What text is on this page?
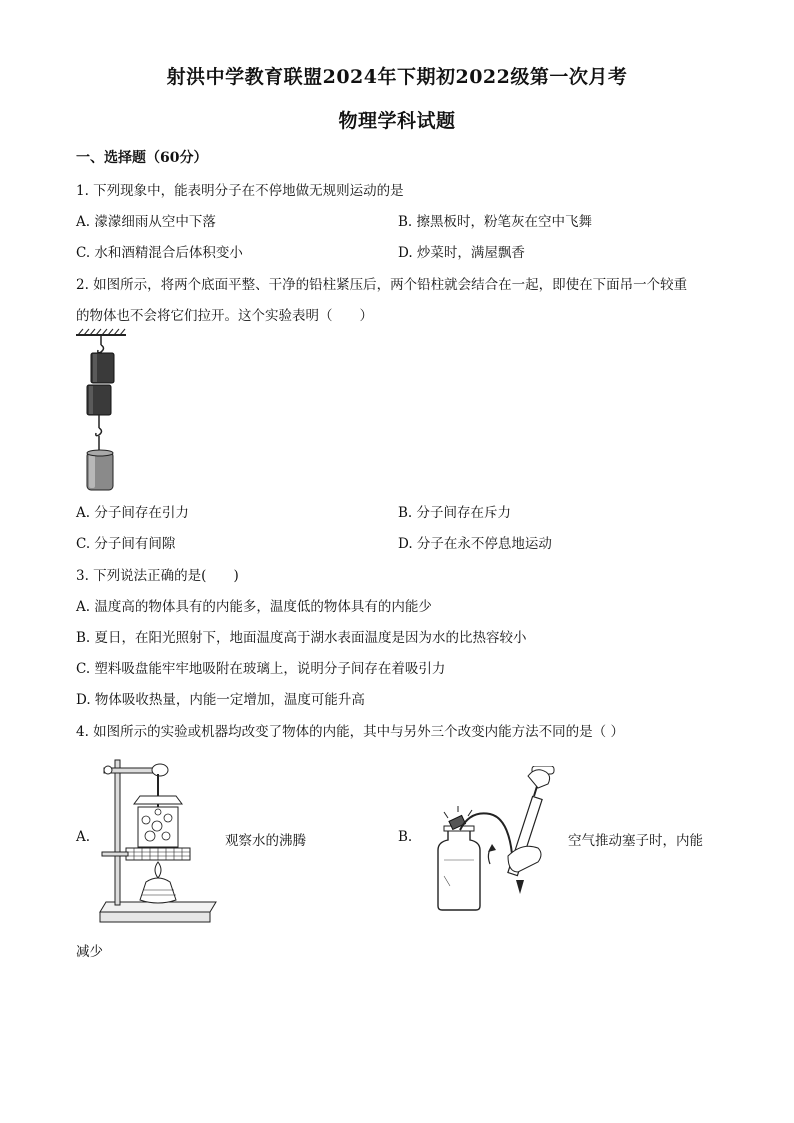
射洪中学教育联盟2024年下期初2022级第一次月考
物理学科试题
一、选择题（60分）
1. 下列现象中，能表明分子在不停地做无规则运动的是
A. 濛濛细雨从空中下落	B. 擦黑板时，粉笔灰在空中飞舞
C. 水和酒精混合后体积变小	D. 炒菜时，满屋飘香
2. 如图所示，将两个底面平整、干净的铅柱紧压后，两个铅柱就会结合在一起，即使在下面吊一个较重
的物体也不会将它们拉开。这个实验表明（　　）
A. 分子间存在引力	B. 分子间存在斥力
C. 分子间有间隙	D. 分子在永不停息地运动
3. 下列说法正确的是(　　)
A. 温度高的物体具有的内能多，温度低的物体具有的内能少
B. 夏日，在阳光照射下，地面温度高于湖水表面温度是因为水的比热容较小
C. 塑料吸盘能牢牢地吸附在玻璃上，说明分子间存在着吸引力
D. 物体吸收热量，内能一定增加，温度可能升高
4. 如图所示的实验或机器均改变了物体的内能，其中与另外三个改变内能方法不同的是（ ）
A.	观察水的沸腾	B.	空气推动塞子时，内能
减少
